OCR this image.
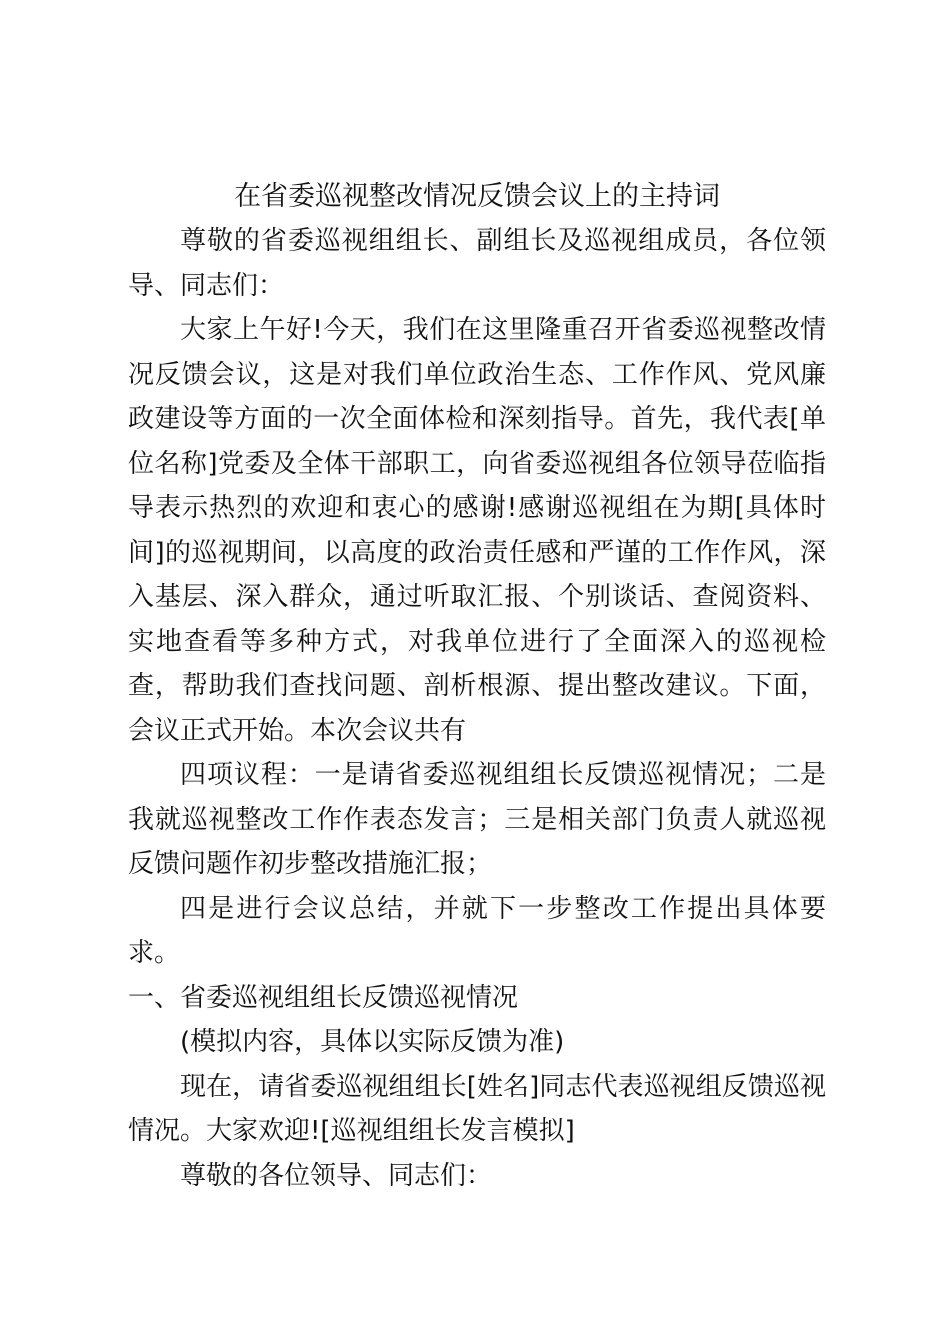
在省委巡视整改情况反馈会议上的主持词

尊敬的省委巡视组组长、副组长及巡视组成员，各位领导、同志们：

大家上午好!今天，我们在这里隆重召开省委巡视整改情况反馈会议，这是对我们单位政治生态、工作作风、党风廉政建设等方面的一次全面体检和深刻指导。首先，我代表[单位名称]党委及全体干部职工，向省委巡视组各位领导莅临指导表示热烈的欢迎和衷心的感谢!感谢巡视组在为期[具体时间]的巡视期间，以高度的政治责任感和严谨的工作作风，深入基层、深入群众，通过听取汇报、个别谈话、查阅资料、实地查看等多种方式，对我单位进行了全面深入的巡视检查，帮助我们查找问题、剖析根源、提出整改建议。下面，会议正式开始。本次会议共有

四项议程：一是请省委巡视组组长反馈巡视情况；二是我就巡视整改工作作表态发言；三是相关部门负责人就巡视反馈问题作初步整改措施汇报；

四是进行会议总结，并就下一步整改工作提出具体要求。

一、省委巡视组组长反馈巡视情况

(模拟内容，具体以实际反馈为准)

现在，请省委巡视组组长[姓名]同志代表巡视组反馈巡视情况。大家欢迎![巡视组组长发言模拟]

尊敬的各位领导、同志们：
